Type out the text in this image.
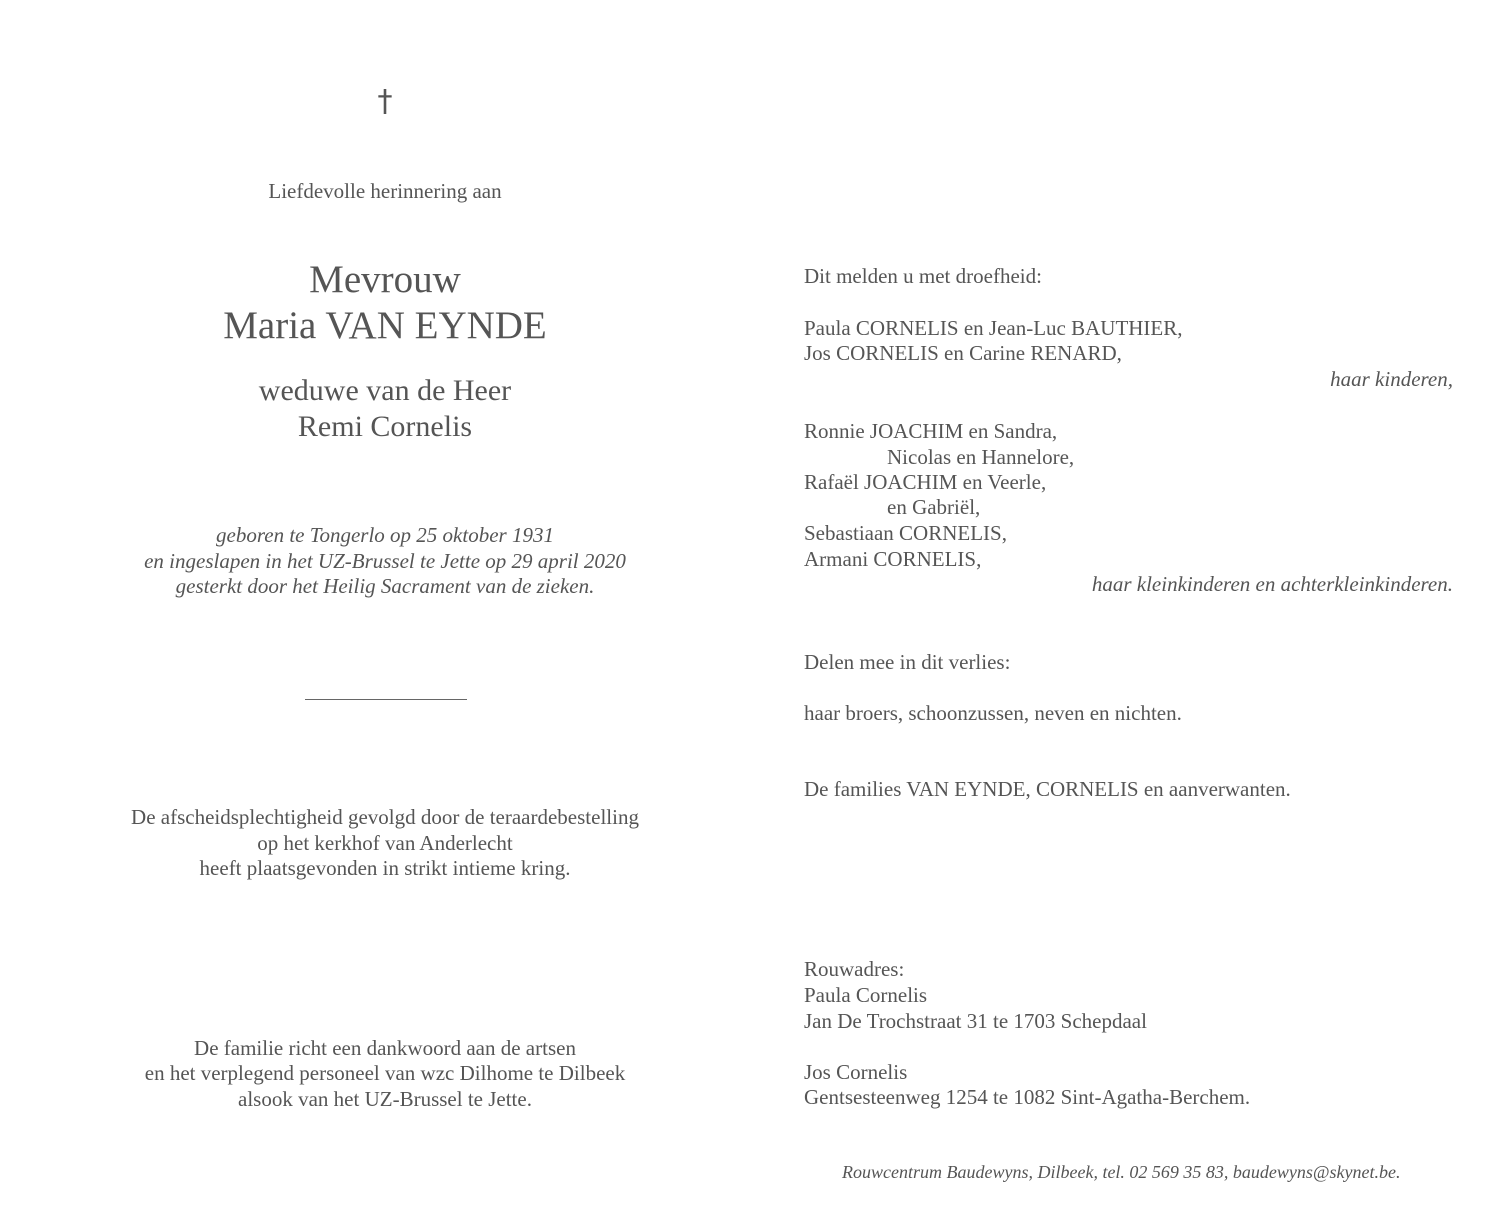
†
Liefdevolle herinnering aan
Mevrouw
Maria VAN EYNDE
weduwe van de Heer
Remi Cornelis
geboren te Tongerlo op 25 oktober 1931
en ingeslapen in het UZ-Brussel te Jette op 29 april 2020
gesterkt door het Heilig Sacrament van de zieken.
De afscheidsplechtigheid gevolgd door de teraardebestelling
op het kerkhof van Anderlecht
heeft plaatsgevonden in strikt intieme kring.
De familie richt een dankwoord aan de artsen
en het verplegend personeel van wzc Dilhome te Dilbeek
alsook van het UZ-Brussel te Jette.
Dit melden u met droefheid:
Paula CORNELIS en Jean-Luc BAUTHIER,
Jos CORNELIS en Carine RENARD,
haar kinderen,
Ronnie JOACHIM en Sandra,
Nicolas en Hannelore,
Rafaël JOACHIM en Veerle,
en Gabriël,
Sebastiaan CORNELIS,
Armani CORNELIS,
haar kleinkinderen en achterkleinkinderen.
Delen mee in dit verlies:
haar broers, schoonzussen, neven en nichten.
De families VAN EYNDE, CORNELIS en aanverwanten.
Rouwadres:
Paula Cornelis
Jan De Trochstraat 31 te 1703 Schepdaal
Jos Cornelis
Gentsesteenweg 1254 te 1082 Sint-Agatha-Berchem.
Rouwcentrum Baudewyns, Dilbeek, tel. 02 569 35 83, baudewyns@skynet.be.
